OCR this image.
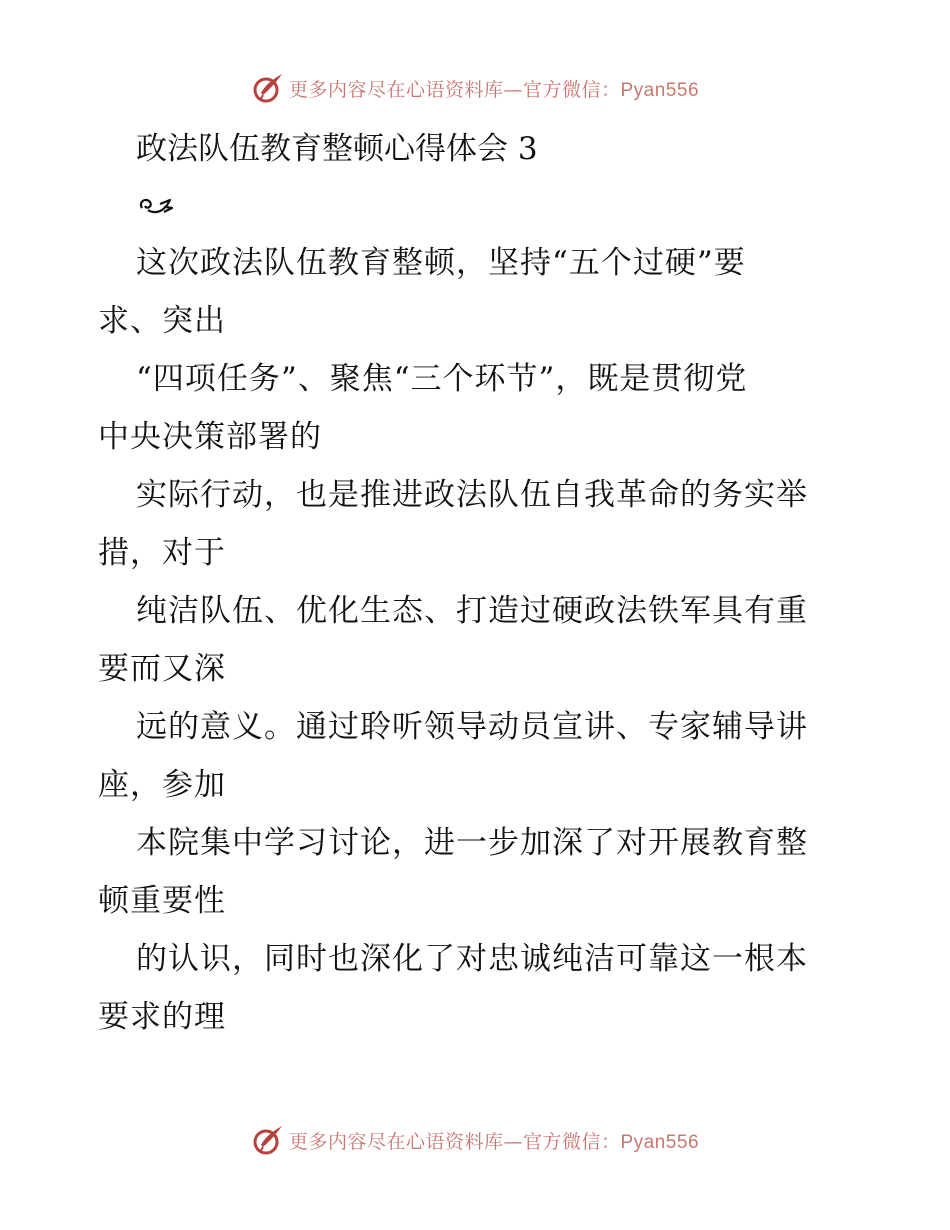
更多内容尽在心语资料库—官方微信：Pyan556
政法队伍教育整顿心得体会 3
这次政法队伍教育整顿，坚持“五个过硬”要
求、突出
“四项任务”、聚焦“三个环节”，既是贯彻党
中央决策部署的
实际行动，也是推进政法队伍自我革命的务实举
措，对于
纯洁队伍、优化生态、打造过硬政法铁军具有重
要而又深
远的意义。通过聆听领导动员宣讲、专家辅导讲
座，参加
本院集中学习讨论，进一步加深了对开展教育整
顿重要性
的认识，同时也深化了对忠诚纯洁可靠这一根本
要求的理
更多内容尽在心语资料库—官方微信：Pyan556
